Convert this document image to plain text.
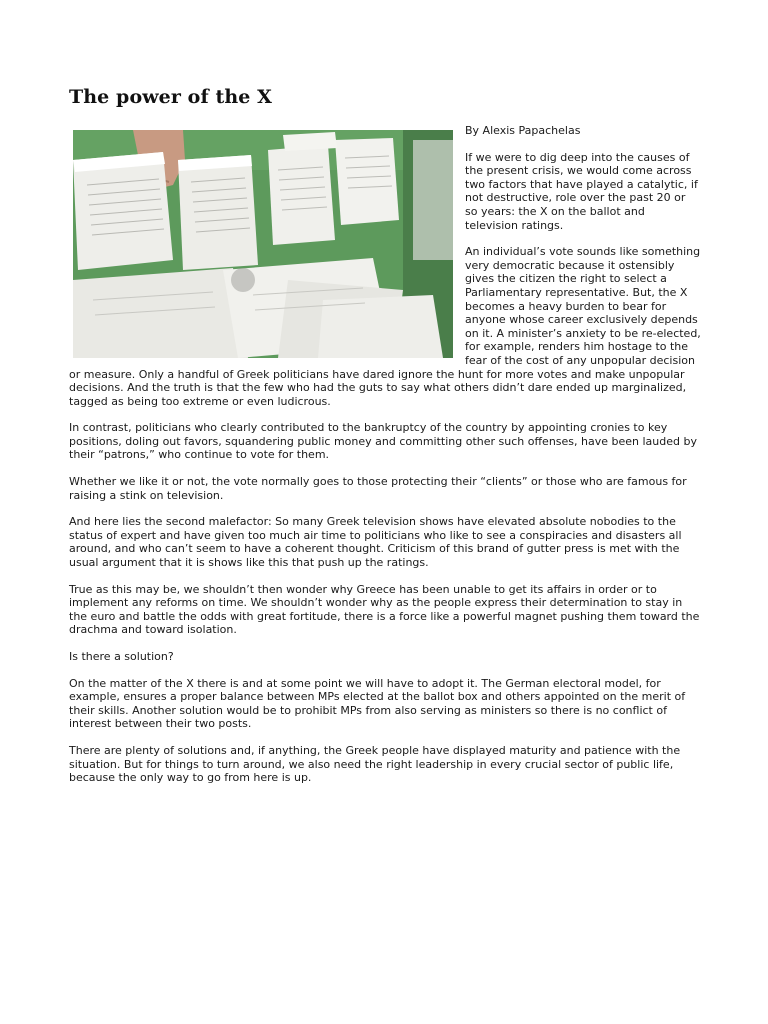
The power of the X
By Alexis Papachelas

If we were to dig deep into the causes of the present crisis, we would come across two factors that have played a catalytic, if not destructive, role over the past 20 or so years: the X on the ballot and television ratings.

An individual’s vote sounds like something very democratic because it ostensibly gives the citizen the right to select a Parliamentary representative. But, the X becomes a heavy burden to bear for anyone whose career exclusively depends on it. A minister’s anxiety to be re-elected, for example, renders him hostage to the fear of the cost of any unpopular decision or measure. Only a handful of Greek politicians have dared ignore the hunt for more votes and make unpopular decisions. And the truth is that the few who had the guts to say what others didn’t dare ended up marginalized, tagged as being too extreme or even ludicrous.

In contrast, politicians who clearly contributed to the bankruptcy of the country by appointing cronies to key positions, doling out favors, squandering public money and committing other such offenses, have been lauded by their “patrons,” who continue to vote for them.

Whether we like it or not, the vote normally goes to those protecting their “clients” or those who are famous for raising a stink on television.

And here lies the second malefactor: So many Greek television shows have elevated absolute nobodies to the status of expert and have given too much air time to politicians who like to see a conspiracies and disasters all around, and who can’t seem to have a coherent thought. Criticism of this brand of gutter press is met with the usual argument that it is shows like this that push up the ratings.

True as this may be, we shouldn’t then wonder why Greece has been unable to get its affairs in order or to implement any reforms on time. We shouldn’t wonder why as the people express their determination to stay in the euro and battle the odds with great fortitude, there is a force like a powerful magnet pushing them toward the drachma and toward isolation.

Is there a solution?

On the matter of the X there is and at some point we will have to adopt it. The German electoral model, for example, ensures a proper balance between MPs elected at the ballot box and others appointed on the merit of their skills. Another solution would be to prohibit MPs from also serving as ministers so there is no conflict of interest between their two posts.

There are plenty of solutions and, if anything, the Greek people have displayed maturity and patience with the situation. But for things to turn around, we also need the right leadership in every crucial sector of public life, because the only way to go from here is up.
